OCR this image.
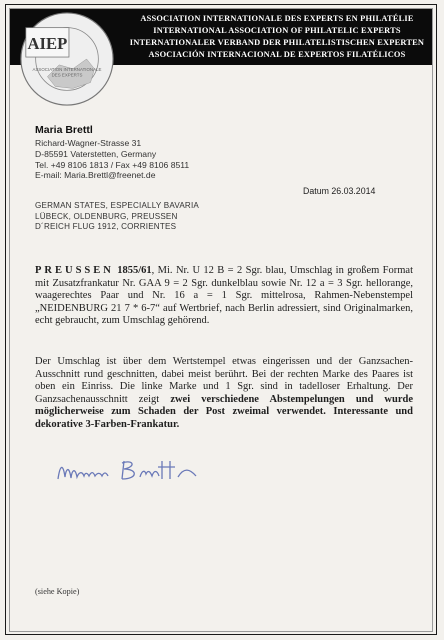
AIEP
ASSOCIATION INTERNATIONALE
DES EXPERTS
ASSOCIATION INTERNATIONALE DES EXPERTS EN PHILATÉLIE
INTERNATIONAL ASSOCIATION OF PHILATELIC EXPERTS
INTERNATIONALER VERBAND DER PHILATELISTISCHEN EXPERTEN
ASOCIACIÓN INTERNACIONAL DE EXPERTOS FILATÉLICOS
Maria Brettl
Richard-Wagner-Strasse 31
D-85591 Vaterstetten, Germany
Tel. +49 8106 1813 / Fax +49 8106 8511
E-mail: Maria.Brettl@freenet.de
GERMAN STATES, ESPECIALLY BAVARIA
LÜBECK, OLDENBURG, PREUSSEN
D´REICH FLUG 1912, CORRIENTES
Datum 26.03.2014
PREUSSEN 1855/61, Mi. Nr. U 12 B = 2 Sgr. blau, Umschlag in großem Format mit Zusatzfrankatur Nr. GAA 9 = 2 Sgr. dunkelblau sowie Nr. 12 a = 3 Sgr. hellorange, waagerechtes Paar und Nr. 16 a = 1 Sgr. mittelrosa, Rahmen-Nebenstempel „NEIDENBURG 21 7 * 6-7“ auf Wertbrief, nach Berlin adressiert, sind Originalmarken, echt gebraucht, zum Umschlag gehörend.
Der Umschlag ist über dem Wertstempel etwas eingerissen und der Ganzsachen-Ausschnitt rund geschnitten, dabei meist berührt. Bei der rechten Marke des Paares ist oben ein Einriss. Die linke Marke und 1 Sgr. sind in tadelloser Erhaltung. Der Ganzsachenausschnitt zeigt zwei verschiedene Abstempelungen und wurde möglicherweise zum Schaden der Post zweimal verwendet. Interessante und dekorative 3-Farben-Frankatur.
(siehe Kopie)
